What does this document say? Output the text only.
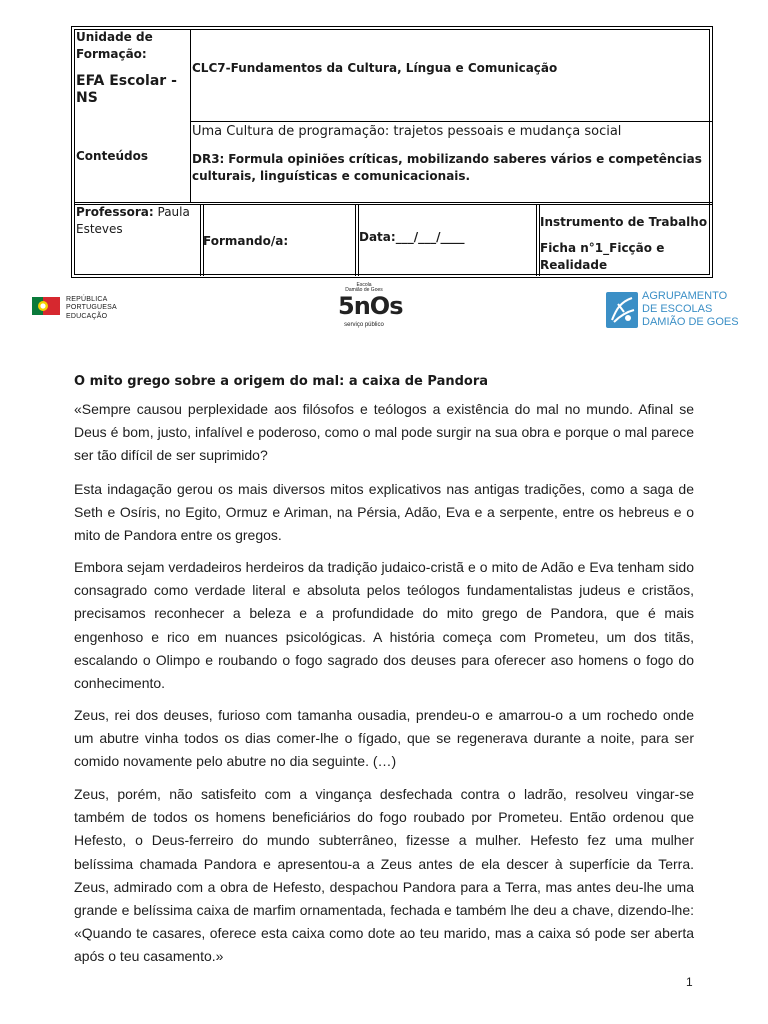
Unidade de Formação:
EFA Escolar - NS
CLC7-Fundamentos da Cultura, Língua e Comunicação
Conteúdos
Uma Cultura de programação: trajetos pessoais e mudança social
DR3: Formula opiniões críticas, mobilizando saberes vários e competências culturais, linguísticas e comunicacionais.
Professora: Paula Esteves
Formando/a:	Data:___/___/____
Instrumento de Trabalho
Ficha n°1_Ficção e Realidade
REPÚBLICA
PORTUGUESA
EDUCAÇÃO
Escola
Damião de Goes
5nOs
serviço público
AGRUPAMENTO
DE ESCOLAS
DAMIÃO DE GOES
O mito grego sobre a origem do mal: a caixa de Pandora
«Sempre causou perplexidade aos filósofos e teólogos a existência do mal no mundo. Afinal se Deus é bom, justo, infalível e poderoso, como o mal pode surgir na sua obra e porque o mal parece ser tão difícil de ser suprimido?
Esta indagação gerou os mais diversos mitos explicativos nas antigas tradições, como a saga de Seth e Osíris, no Egito, Ormuz e Ariman, na Pérsia, Adão, Eva e a serpente, entre os hebreus e o mito de Pandora entre os gregos.
Embora sejam verdadeiros herdeiros da tradição judaico-cristã e o mito de Adão e Eva tenham sido consagrado como verdade literal e absoluta pelos teólogos fundamentalistas judeus e cristãos, precisamos reconhecer a beleza e a profundidade do mito grego de Pandora, que é mais engenhoso e rico em nuances psicológicas. A história começa com Prometeu, um dos titãs, escalando o Olimpo e roubando o fogo sagrado dos deuses para oferecer aso homens o fogo do conhecimento.
Zeus, rei dos deuses, furioso com tamanha ousadia, prendeu-o e amarrou-o a um rochedo onde um abutre vinha todos os dias comer-lhe o fígado, que se regenerava durante a noite, para ser comido novamente pelo abutre no dia seguinte. (…)
Zeus, porém, não satisfeito com a vingança desfechada contra o ladrão, resolveu vingar-se também de todos os homens beneficiários do fogo roubado por Prometeu. Então ordenou que Hefesto, o Deus-ferreiro do mundo subterrâneo, fizesse a mulher. Hefesto fez uma mulher belíssima chamada Pandora e apresentou-a a Zeus antes de ela descer à superfície da Terra. Zeus, admirado com a obra de Hefesto, despachou Pandora para a Terra, mas antes deu-lhe uma grande e belíssima caixa de marfim ornamentada, fechada e também lhe deu a chave, dizendo-lhe: «Quando te casares, oferece esta caixa como dote ao teu marido, mas a caixa só pode ser aberta após o teu casamento.»
1
